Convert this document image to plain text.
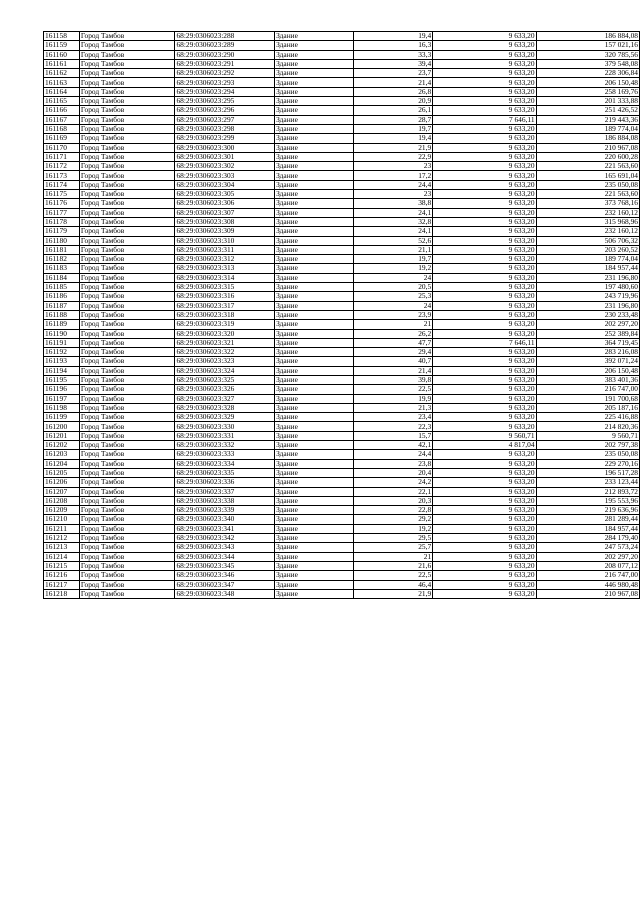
161158	Город Тамбов	68:29:0306023:288	Здание	19,4	9 633,20	186 884,08
161159	Город Тамбов	68:29:0306023:289	Здание	16,3	9 633,20	157 021,16
161160	Город Тамбов	68:29:0306023:290	Здание	33,3	9 633,20	320 785,56
161161	Город Тамбов	68:29:0306023:291	Здание	39,4	9 633,20	379 548,08
161162	Город Тамбов	68:29:0306023:292	Здание	23,7	9 633,20	228 306,84
161163	Город Тамбов	68:29:0306023:293	Здание	21,4	9 633,20	206 150,48
161164	Город Тамбов	68:29:0306023:294	Здание	26,8	9 633,20	258 169,76
161165	Город Тамбов	68:29:0306023:295	Здание	20,9	9 633,20	201 333,88
161166	Город Тамбов	68:29:0306023:296	Здание	26,1	9 633,20	251 426,52
161167	Город Тамбов	68:29:0306023:297	Здание	28,7	7 646,11	219 443,36
161168	Город Тамбов	68:29:0306023:298	Здание	19,7	9 633,20	189 774,04
161169	Город Тамбов	68:29:0306023:299	Здание	19,4	9 633,20	186 884,08
161170	Город Тамбов	68:29:0306023:300	Здание	21,9	9 633,20	210 967,08
161171	Город Тамбов	68:29:0306023:301	Здание	22,9	9 633,20	220 600,28
161172	Город Тамбов	68:29:0306023:302	Здание	23	9 633,20	221 563,60
161173	Город Тамбов	68:29:0306023:303	Здание	17,2	9 633,20	165 691,04
161174	Город Тамбов	68:29:0306023:304	Здание	24,4	9 633,20	235 050,08
161175	Город Тамбов	68:29:0306023:305	Здание	23	9 633,20	221 563,60
161176	Город Тамбов	68:29:0306023:306	Здание	38,8	9 633,20	373 768,16
161177	Город Тамбов	68:29:0306023:307	Здание	24,1	9 633,20	232 160,12
161178	Город Тамбов	68:29:0306023:308	Здание	32,8	9 633,20	315 968,96
161179	Город Тамбов	68:29:0306023:309	Здание	24,1	9 633,20	232 160,12
161180	Город Тамбов	68:29:0306023:310	Здание	52,6	9 633,20	506 706,32
161181	Город Тамбов	68:29:0306023:311	Здание	21,1	9 633,20	203 260,52
161182	Город Тамбов	68:29:0306023:312	Здание	19,7	9 633,20	189 774,04
161183	Город Тамбов	68:29:0306023:313	Здание	19,2	9 633,20	184 957,44
161184	Город Тамбов	68:29:0306023:314	Здание	24	9 633,20	231 196,80
161185	Город Тамбов	68:29:0306023:315	Здание	20,5	9 633,20	197 480,60
161186	Город Тамбов	68:29:0306023:316	Здание	25,3	9 633,20	243 719,96
161187	Город Тамбов	68:29:0306023:317	Здание	24	9 633,20	231 196,80
161188	Город Тамбов	68:29:0306023:318	Здание	23,9	9 633,20	230 233,48
161189	Город Тамбов	68:29:0306023:319	Здание	21	9 633,20	202 297,20
161190	Город Тамбов	68:29:0306023:320	Здание	26,2	9 633,20	252 389,84
161191	Город Тамбов	68:29:0306023:321	Здание	47,7	7 646,11	364 719,45
161192	Город Тамбов	68:29:0306023:322	Здание	29,4	9 633,20	283 216,08
161193	Город Тамбов	68:29:0306023:323	Здание	40,7	9 633,20	392 071,24
161194	Город Тамбов	68:29:0306023:324	Здание	21,4	9 633,20	206 150,48
161195	Город Тамбов	68:29:0306023:325	Здание	39,8	9 633,20	383 401,36
161196	Город Тамбов	68:29:0306023:326	Здание	22,5	9 633,20	216 747,00
161197	Город Тамбов	68:29:0306023:327	Здание	19,9	9 633,20	191 700,68
161198	Город Тамбов	68:29:0306023:328	Здание	21,3	9 633,20	205 187,16
161199	Город Тамбов	68:29:0306023:329	Здание	23,4	9 633,20	225 416,88
161200	Город Тамбов	68:29:0306023:330	Здание	22,3	9 633,20	214 820,36
161201	Город Тамбов	68:29:0306023:331	Здание	15,7	9 560,71	9 560,71
161202	Город Тамбов	68:29:0306023:332	Здание	42,1	4 817,04	202 797,38
161203	Город Тамбов	68:29:0306023:333	Здание	24,4	9 633,20	235 050,08
161204	Город Тамбов	68:29:0306023:334	Здание	23,8	9 633,20	229 270,16
161205	Город Тамбов	68:29:0306023:335	Здание	20,4	9 633,20	196 517,28
161206	Город Тамбов	68:29:0306023:336	Здание	24,2	9 633,20	233 123,44
161207	Город Тамбов	68:29:0306023:337	Здание	22,1	9 633,20	212 893,72
161208	Город Тамбов	68:29:0306023:338	Здание	20,3	9 633,20	195 553,96
161209	Город Тамбов	68:29:0306023:339	Здание	22,8	9 633,20	219 636,96
161210	Город Тамбов	68:29:0306023:340	Здание	29,2	9 633,20	281 289,44
161211	Город Тамбов	68:29:0306023:341	Здание	19,2	9 633,20	184 957,44
161212	Город Тамбов	68:29:0306023:342	Здание	29,5	9 633,20	284 179,40
161213	Город Тамбов	68:29:0306023:343	Здание	25,7	9 633,20	247 573,24
161214	Город Тамбов	68:29:0306023:344	Здание	21	9 633,20	202 297,20
161215	Город Тамбов	68:29:0306023:345	Здание	21,6	9 633,20	208 077,12
161216	Город Тамбов	68:29:0306023:346	Здание	22,5	9 633,20	216 747,00
161217	Город Тамбов	68:29:0306023:347	Здание	46,4	9 633,20	446 980,48
161218	Город Тамбов	68:29:0306023:348	Здание	21,9	9 633,20	210 967,08
